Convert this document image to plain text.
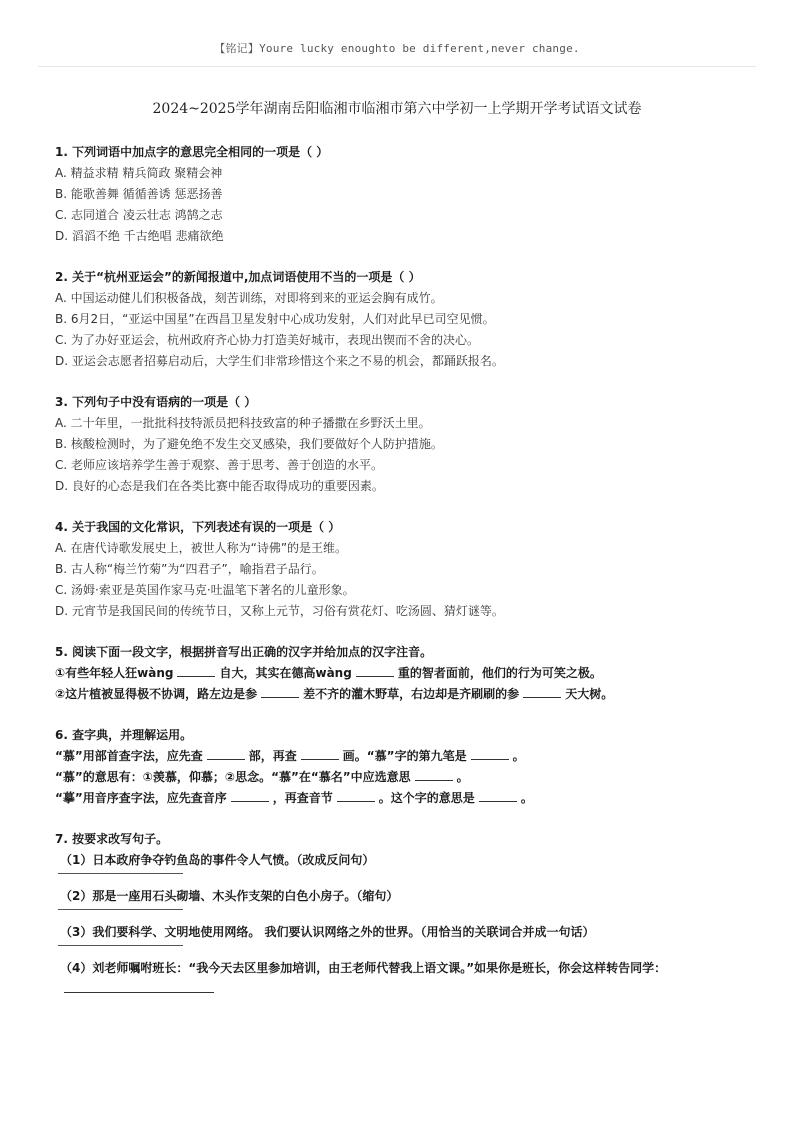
【铭记】Youre lucky enoughto be different,never change.
2024~2025学年湖南岳阳临湘市临湘市第六中学初一上学期开学考试语文试卷
1. 下列词语中加点字的意思完全相同的一项是（ ）
A. 精益求精 精兵简政 聚精会神
B. 能歌善舞 循循善诱 惩恶扬善
C. 志同道合 凌云壮志 鸿鹄之志
D. 滔滔不绝 千古绝唱 悲痛欲绝
2. 关于“杭州亚运会”的新闻报道中,加点词语使用不当的一项是（ ）
A. 中国运动健儿们积极备战，刻苦训练，对即将到来的亚运会胸有成竹。
B. 6月2日，“亚运中国星”在西昌卫星发射中心成功发射，人们对此早已司空见惯。
C. 为了办好亚运会，杭州政府齐心协力打造美好城市，表现出锲而不舍的决心。
D. 亚运会志愿者招募启动后，大学生们非常珍惜这个来之不易的机会，都踊跃报名。
3. 下列句子中没有语病的一项是（ ）
A. 二十年里，一批批科技特派员把科技致富的种子播撒在乡野沃土里。
B. 核酸检测时，为了避免绝不发生交叉感染，我们要做好个人防护措施。
C. 老师应该培养学生善于观察、善于思考、善于创造的水平。
D. 良好的心态是我们在各类比赛中能否取得成功的重要因素。
4. 关于我国的文化常识，下列表述有误的一项是（ ）
A. 在唐代诗歌发展史上，被世人称为“诗佛”的是王维。
B. 古人称“梅兰竹菊”为“四君子”，喻指君子品行。
C. 汤姆·索亚是英国作家马克·吐温笔下著名的儿童形象。
D. 元宵节是我国民间的传统节日，又称上元节，习俗有赏花灯、吃汤圆、猜灯谜等。
5. 阅读下面一段文字，根据拼音写出正确的汉字并给加点的汉字注音。
①有些年轻人狂wàng	自大，其实在德高wàng	重的智者面前，他们的行为可笑之极。
②这片植被显得极不协调，路左边是参	差不齐的灌木野草，右边却是齐刷刷的参	天大树。
6. 查字典，并理解运用。
“慕”用部首查字法，应先查	部，再查	画。“慕”字的第九笔是	。
“慕”的意思有：①羡慕，仰慕；②思念。“慕”在“慕名”中应选意思	。
“摹”用音序查字法，应先查音序	，再查音节	。这个字的意思是	。
7. 按要求改写句子。
（1）日本政府争夺钓鱼岛的事件令人气愤。（改成反问句）
（2）那是一座用石头砌墙、木头作支架的白色小房子。（缩句）
（3）我们要科学、文明地使用网络。 我们要认识网络之外的世界。（用恰当的关联词合并成一句话）
（4）刘老师嘱咐班长：“我今天去区里参加培训，由王老师代替我上语文课。”如果你是班长，你会这样转告同学：
